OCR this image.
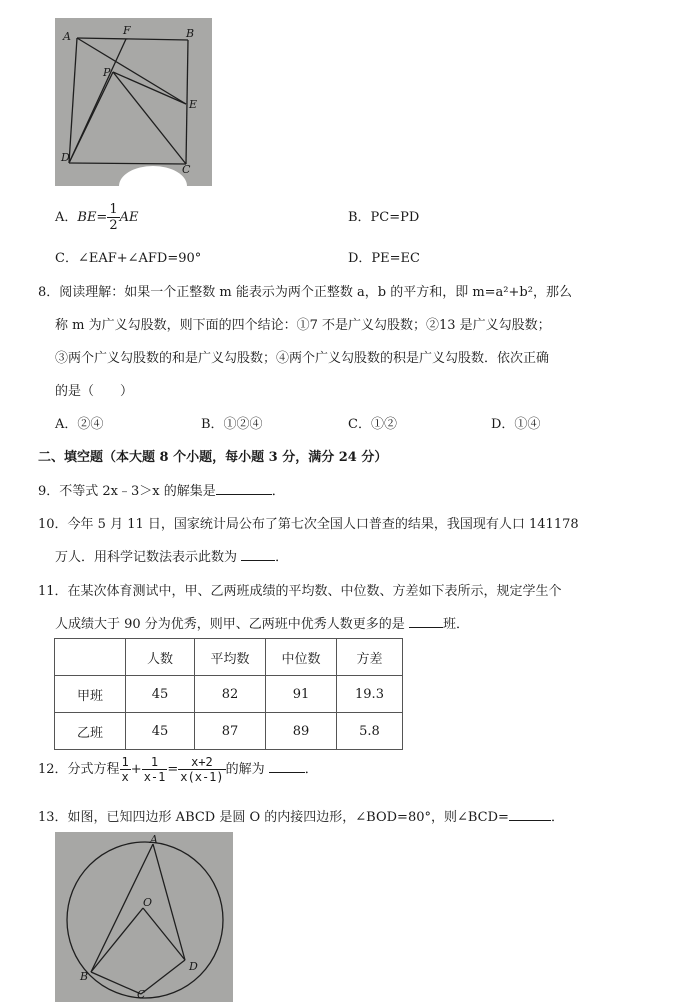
A	F	B
P
E
D
C
A．$BE= \frac{1}{2}$ AE	B．PC=PD
C．∠EAF+∠AFD=90°	D．PE=EC
8．阅读理解：如果一个正整数 m 能表示为两个正整数 a，b 的平方和，即 m=a²+b²，那么
称 m 为广义勾股数，则下面的四个结论：①7 不是广义勾股数；②13 是广义勾股数；
③两个广义勾股数的和是广义勾股数；④两个广义勾股数的积是广义勾股数．依次正确
的是（　　）
A．②④	B．①②④	C．①②	D．①④
二、填空题（本大题 8 个小题，每小题 3 分，满分 24 分）
9．不等式 2x﹣3＞x 的解集是	．
10．今年 5 月 11 日，国家统计局公布了第七次全国人口普查的结果，我国现有人口 141178
万人．用科学记数法表示此数为	．
11．在某次体育测试中，甲、乙两班成绩的平均数、中位数、方差如下表所示，规定学生个
人成绩大于 90 分为优秀，则甲、乙两班中优秀人数更多的是	班．
	人数	平均数	中位数	方差
甲班	45	82	91	19.3
乙班	45	87	89	5.8
12．分式方程 $\frac{1}{x} + \frac{1}{x-1} = \frac{x+2}{x(x-1)}$ 的解为	．
13．如图，已知四边形 ABCD 是圆 O 的内接四边形，∠BOD=80°，则∠BCD=	．
A
O
B
D
C
